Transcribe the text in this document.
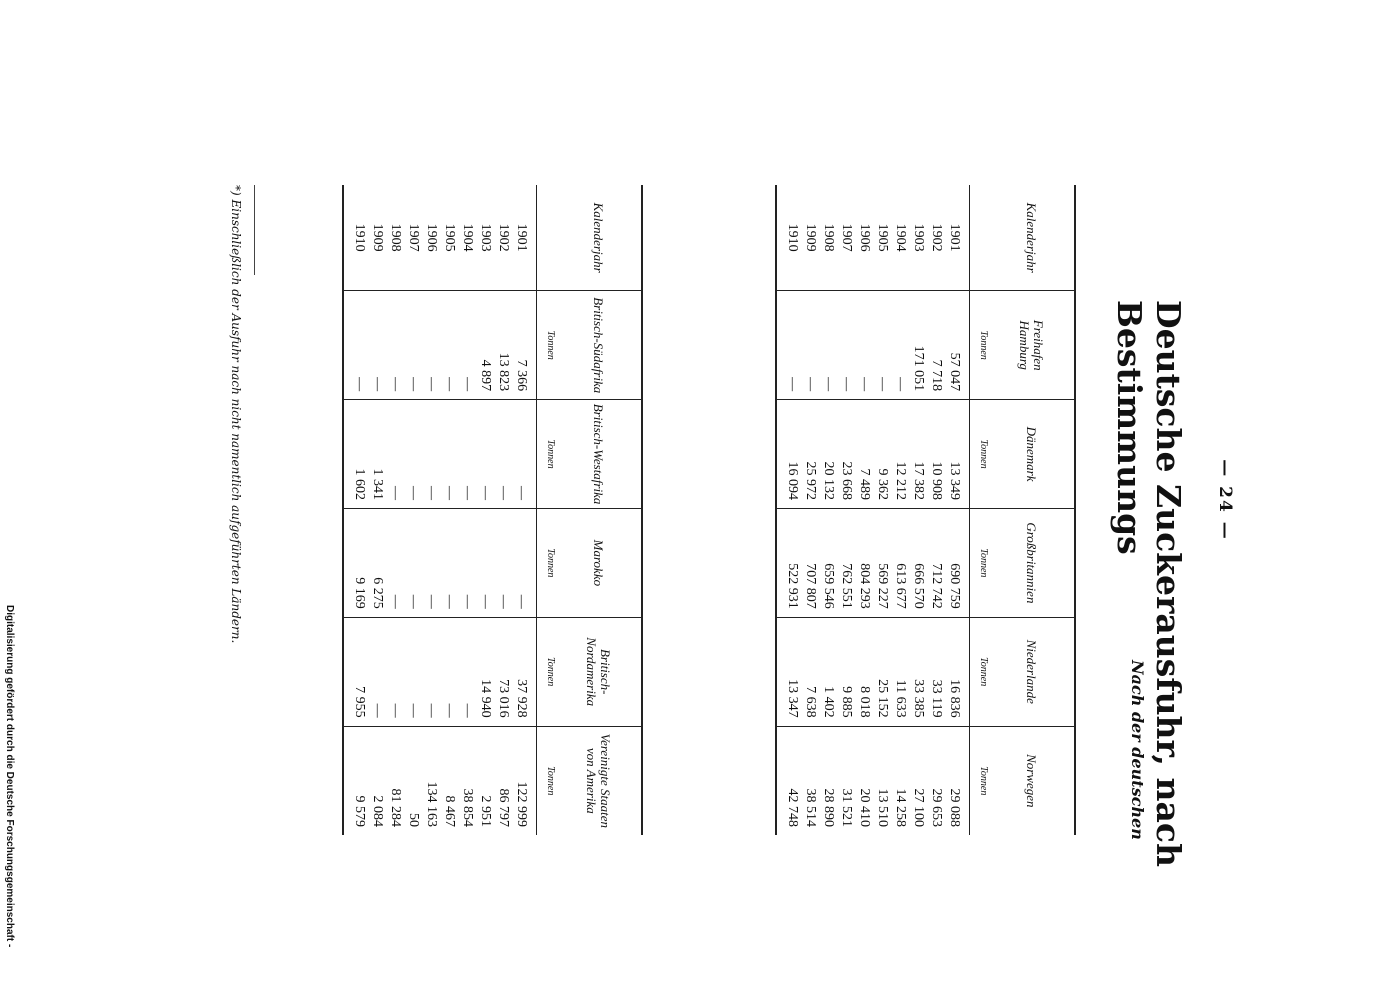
— 24 —
Deutsche Zuckerausfuhr, nach Bestimmungs
Nach der deutschen
Kalenderjahr	Freihafen Hamburg	Dänemark	Großbritannien	Niederlande	Norwegen
	Tonnen	Tonnen	Tonnen	Tonnen	Tonnen
1901	57 047	13 349	690 759	16 836	29 088
1902	7 718	10 908	712 742	33 119	29 653
1903	171 051	17 382	666 570	33 385	27 100
1904	—	12 212	613 677	11 633	14 258
1905	—	9 362	569 227	25 152	13 510
1906	—	7 489	804 293	8 018	20 410
1907	—	23 668	762 551	9 885	31 521
1908	—	20 132	659 546	1 402	28 890
1909	—	25 972	707 807	7 638	38 514
1910	—	16 094	522 931	13 347	42 748
Kalenderjahr	Britisch-Südafrika	Britisch-Westafrika	Marokko	Britisch-Nordamerika	Vereinigte Staaten von Amerika
	Tonnen	Tonnen	Tonnen	Tonnen	Tonnen
1901	7 366	—	—	37 928	122 999
1902	13 823	—	—	73 016	86 797
1903	4 897	—	—	14 940	2 951
1904	—	—	—	—	38 854
1905	—	—	—	—	8 467
1906	—	—	—	—	134 163
1907	—	—	—	—	50
1908	—	—	—	—	81 284
1909	—	1 341	6 275	—	2 084
1910	—	1 602	9 169	7 955	9 579
*) Einschließlich der Ausfuhr nach nicht namentlich aufgeführten Ländern.
Digitalisierung gefördert durch die Deutsche Forschungsgemeinschaft -
